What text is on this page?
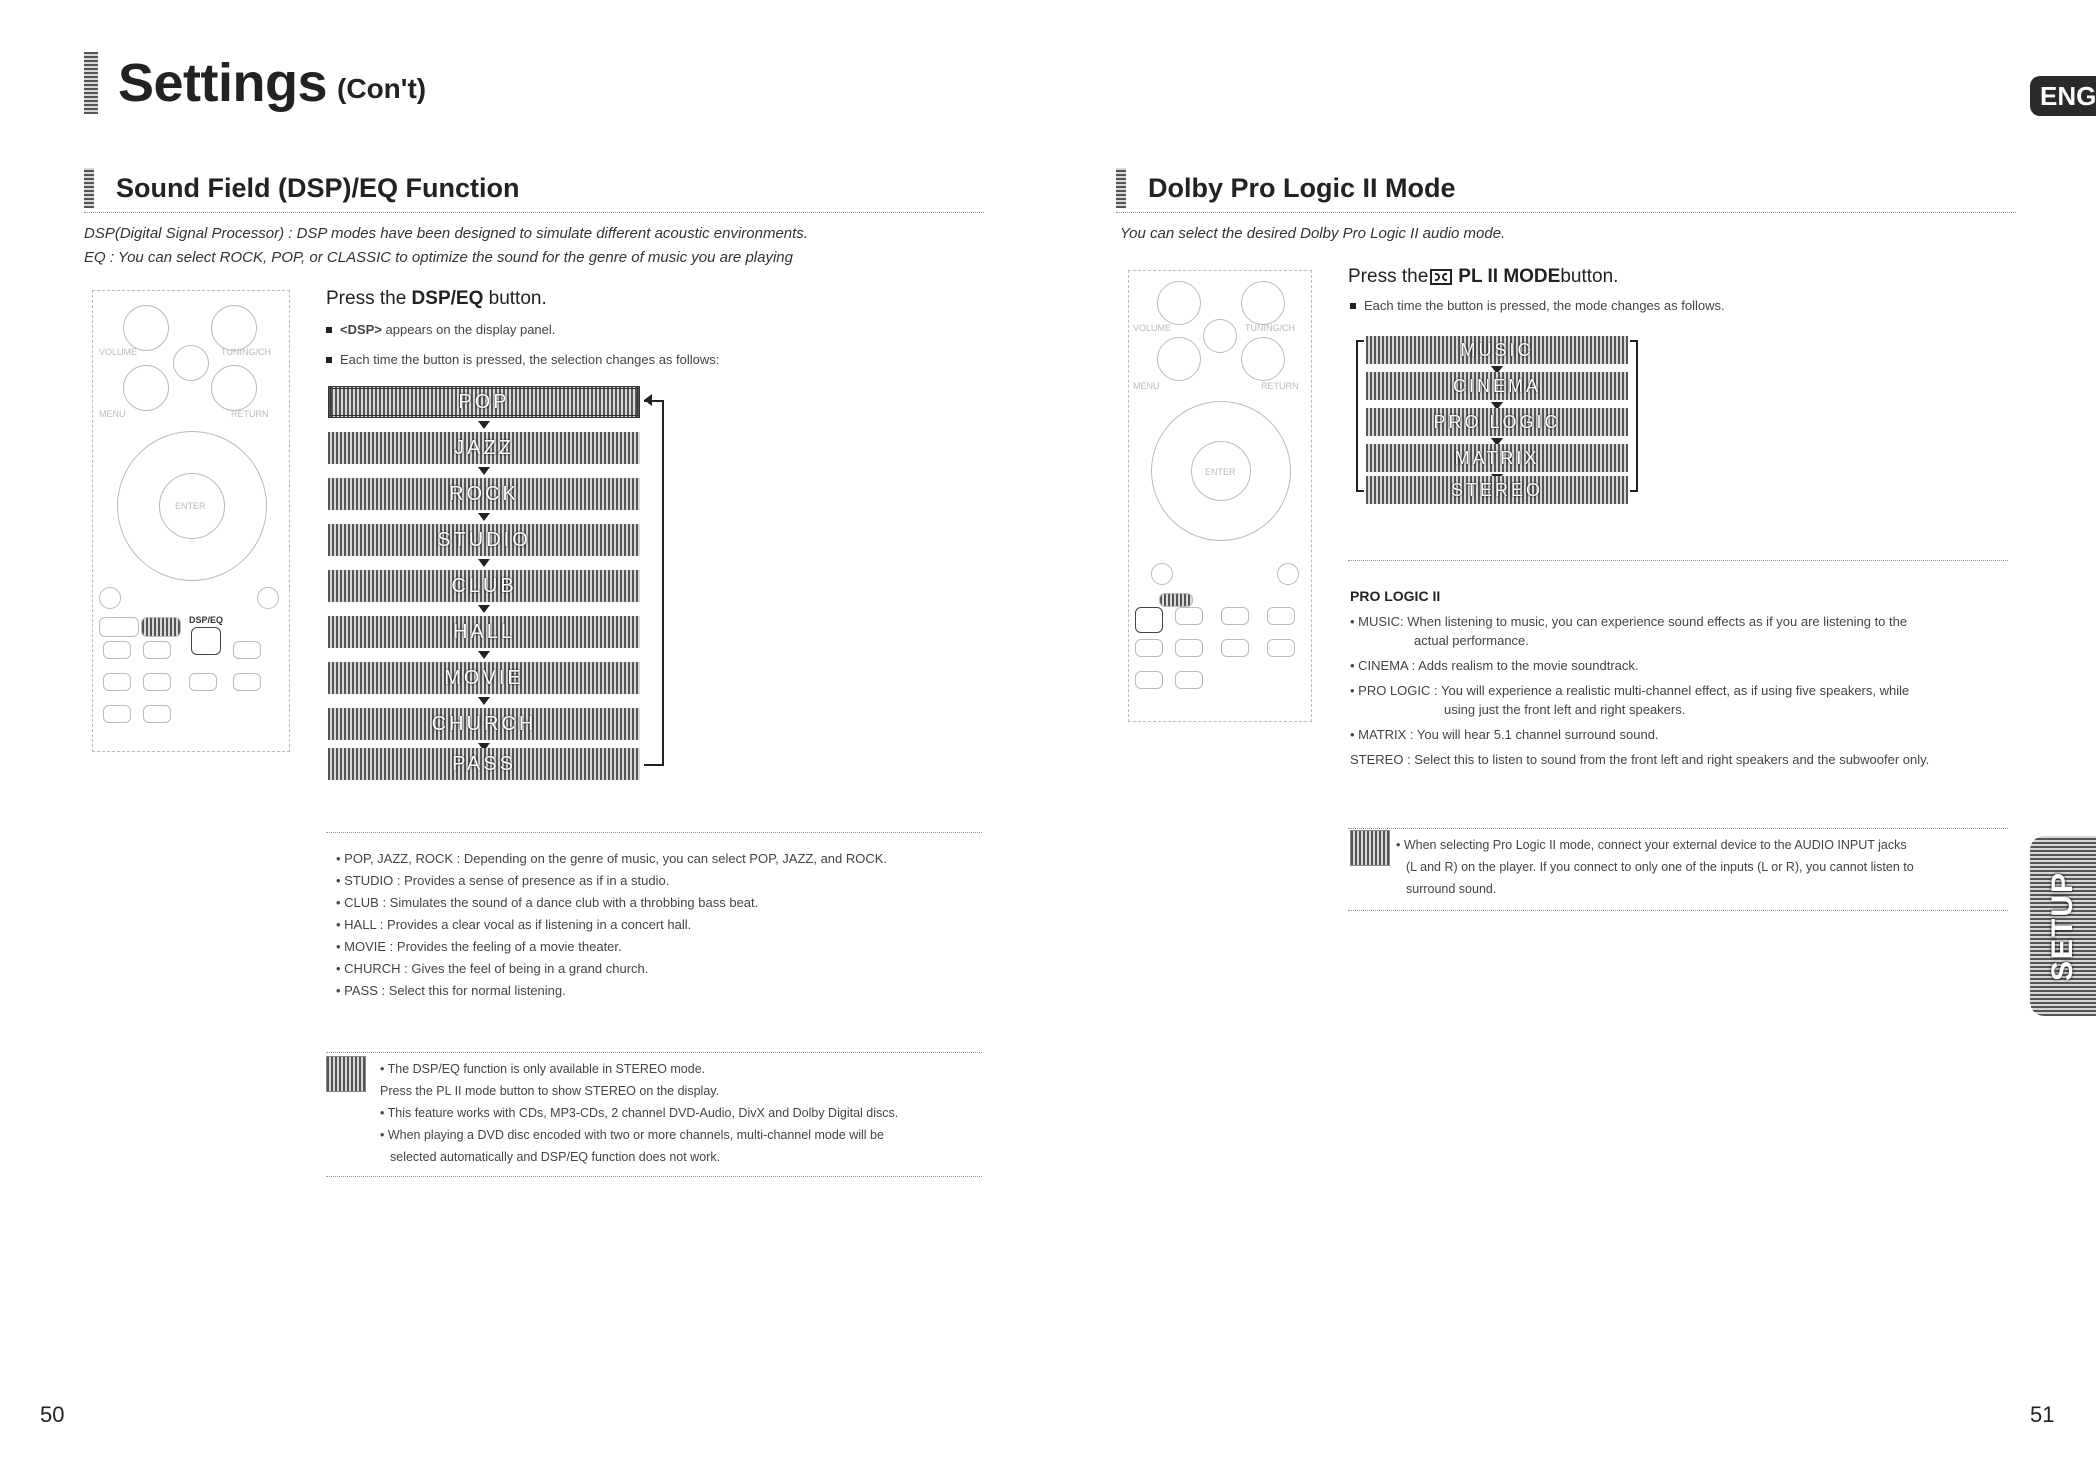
Settings (Con't)	ENG
Sound Field (DSP)/EQ Function
DSP(Digital Signal Processor) : DSP modes have been designed to simulate different acoustic environments.
EQ : You can select ROCK, POP, or CLASSIC to optimize the sound for the genre of music you are playing
VOLUME	TUNING/CH
MENU	RETURN
ENTER
DSP/EQ
Press the DSP/EQ button.
<DSP> appears on the display panel.
Each time the button is pressed, the selection changes as follows:
POP
JAZZ
ROCK
STUDIO
CLUB
HALL
MOVIE
CHURCH
PASS
• POP, JAZZ, ROCK : Depending on the genre of music, you can select POP, JAZZ, and ROCK.
• STUDIO : Provides a sense of presence as if in a studio.
• CLUB : Simulates the sound of a dance club with a throbbing bass beat.
• HALL : Provides a clear vocal as if listening in a concert hall.
• MOVIE : Provides the feeling of a movie theater.
• CHURCH : Gives the feel of being in a grand church.
• PASS : Select this for normal listening.
• The DSP/EQ function is only available in STEREO mode.
Press the PL II mode button to show STEREO on the display.
• This feature works with CDs, MP3-CDs, 2 channel DVD-Audio, DivX and Dolby Digital discs.
• When playing a DVD disc encoded with two or more channels, multi-channel mode will be
selected automatically and DSP/EQ function does not work.
Dolby Pro Logic II Mode
You can select the desired Dolby Pro Logic II audio mode.
VOLUME	TUNING/CH
MENU	RETURN
ENTER
Press the PL II MODE button.
Each time the button is pressed, the mode changes as follows.
MUSIC
CINEMA
PRO LOGIC
MATRIX
STEREO
PRO LOGIC II
• MUSIC: When listening to music, you can experience sound effects as if you are listening to the
actual performance.
• CINEMA : Adds realism to the movie soundtrack.
• PRO LOGIC : You will experience a realistic multi-channel effect, as if using five speakers, while
using just the front left and right speakers.
• MATRIX : You will hear 5.1 channel surround sound.
STEREO : Select this to listen to sound from the front left and right speakers and the subwoofer only.
• When selecting Pro Logic II mode, connect your external device to the AUDIO INPUT jacks
(L and R) on the player. If you connect to only one of the inputs (L or R), you cannot listen to
surround sound.	SETUP
50	51
